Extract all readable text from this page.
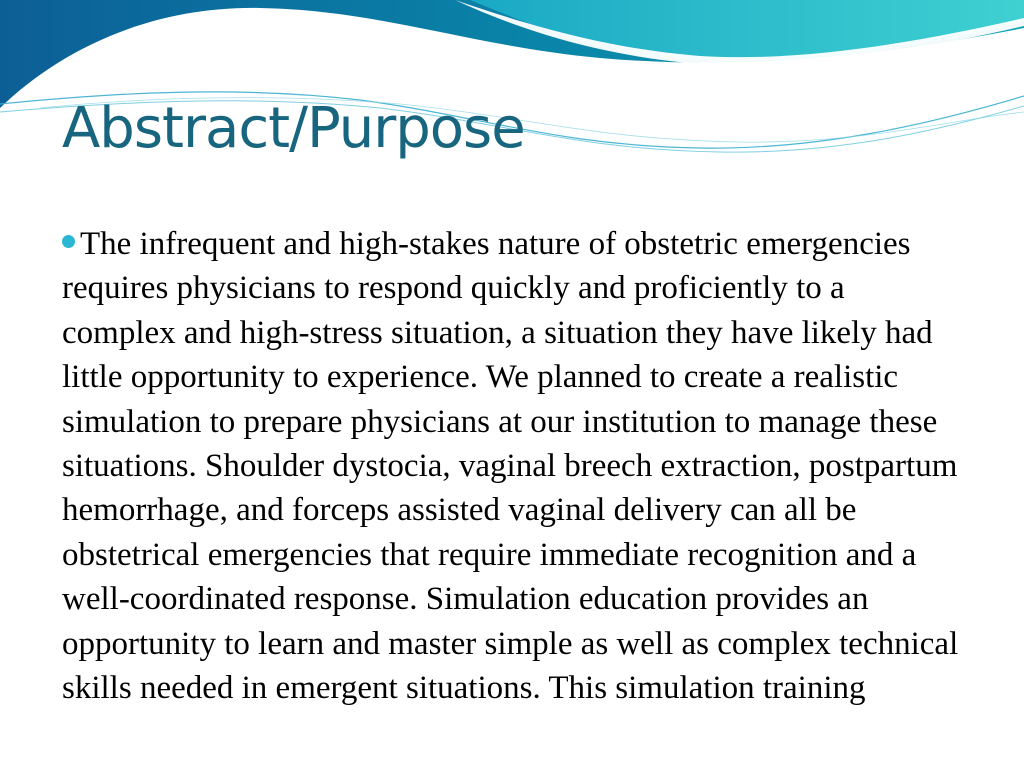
Abstract/Purpose

The infrequent and high-stakes nature of obstetric emergencies requires physicians to respond quickly and proficiently to a complex and high-stress situation, a situation they have likely had little opportunity to experience. We planned to create a realistic simulation to prepare physicians at our institution to manage these situations. Shoulder dystocia, vaginal breech extraction, postpartum hemorrhage, and forceps assisted vaginal delivery can all be obstetrical emergencies that require immediate recognition and a well-coordinated response. Simulation education provides an opportunity to learn and master simple as well as complex technical skills needed in emergent situations. This simulation training
